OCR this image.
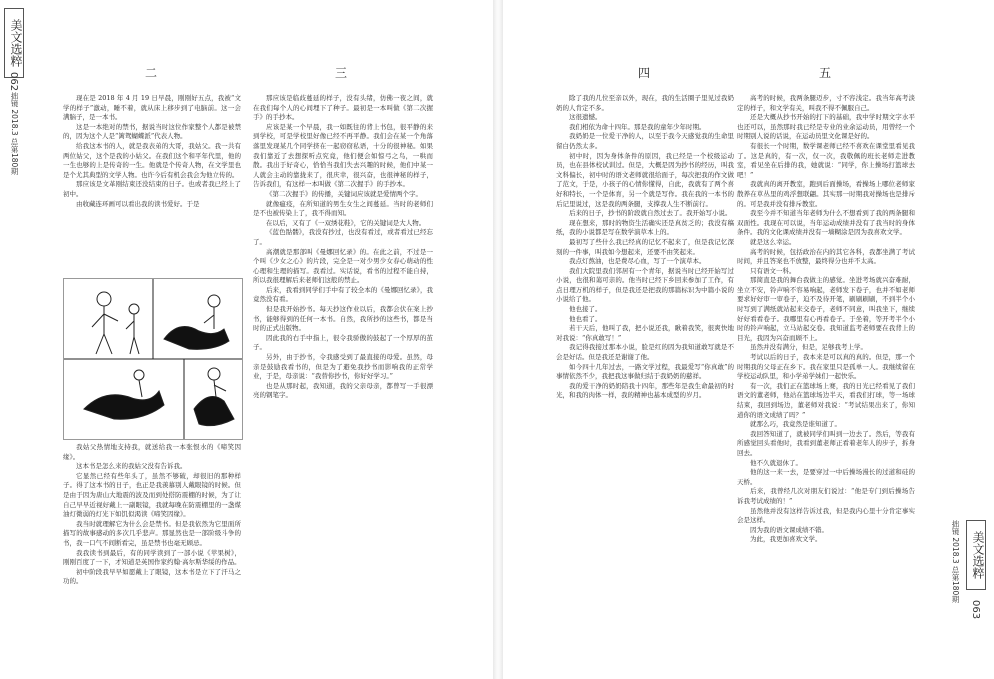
美文选粹
拙镜 2018.3 总第180期
062	二

现在是 2018 年 4 月 19 日早晨，刚刚好五点，我被“文学的样子”激动，睡不着，就从床上移步到了电脑前。这一会满脑子，是一本书。

这是一本绝对的禁书，据说当时这位作家整个人都是被禁的，因为这个人是“篱鸳蝴蝶派”代表人物。

给我这本书的人，就是我表弟的大哥，我姑父。我一共有两位姑父，这个是我的小姑父。在我们这个和平年代里，他的一生也够的上是传奇的一生。他就是个传奇人物，在文学里也是个尤其典型的文学人物。也许今后有机会我会为他立传的。

那应该是文革刚结束还没结束的日子。也或者我已经上了初中。

由收藏连环画可以看出我的读书爱好。于是

我姑父热情地支持我，就送给我一本张恨水的《啼笑因缘》。

这本书是怎么来的我姑父没有告诉我。

它显然已经有些年头了，虽然不够破，却很旧的那种样子。得了这本书的日子，也正是我羡慕别人戴眼镜的时候。但是由于因为唐山大地震的波及而到处搭防震棚的时候，为了让自己早早近视好戴上一副眼镜，我就每晚在防震棚里的一盏煤油灯微弱的灯光下如饥似渴读《啼笑因缘》。

我当时就理解它为什么会是禁书。但是我依然为它里面所描写的故事感动的多次几乎悲声。那显然也是一部阶级斗争的书，我一口气不间断看完，虽是禁书也毫无顾忌。

我我读书到最后，有的同学读到了一部小说《苹果树》，刚刚百度了一下，才知道是英国作家约翰·高尔斯华绥的作品。

初中阶段我早早如愿戴上了眼镜，这本书是立下了汗马之功的。

三

那应该是临歧蔓延的样子，没有头绪，仿佛一夜之间，就在我们每个人的心间埋下了种子。最初是一本叫做《第二次握手》的手抄本。

应该是某一个早晨，我一如既往的背上书包，很平静的来到学校，可是学校里好像已经不再平静。我们会在某一个角落落里发现某几个同学挤在一起窃窃私语，十分的很神秘。如果我们靠近了去想探听点究竟，他们便会如惊弓之鸟，一哄而散。我出于好奇心，恰恰当我们失去兴趣的时候，他们中某一人就会主动的靠拢来了，很庆幸，很兴奋，也很神秘的样子，告诉我们，有这样一本叫做《第二次握手》的手抄本。

《第二次握手》的传播，关键词应该就是爱情两个字。

就像瘟疫，在所知道的男生女生之间蔓延。当时的老师们是不也被传染上了，我不得而知。

在以后，又有了《一双绣花鞋》，它的关键词是大人物。

《蓝色骷髅》，我没有抄过，也没有看过，或者看过已经忘了。

高潮就是那部叫《曼娜回忆录》的。在此之前，不过是一个叫《少女之心》的片段，完全是一对少男少女春心萌动的性心理和生理的描写。我看过。实话说，看书的过程不能自持，所以我很理解后来老师们这般的禁止。

后来，我看到同学们手中有了较全本的《曼娜回忆录》，我竟然没有看。

但是我开始抄书。每天抄这作业以后，我都会伏在案上抄书，能够得到的任何一本书。自然，我所抄的这些书，都是当时的正式出版物。

因此我的右手中指上，很令我骄傲的鼓起了一个厚厚的茧子。

另外，由于抄书，令我感受到了最直接的母爱。虽然，母亲是鼓励我看书的，但是为了避免我抄书而影响我的正常学业，于是，母亲说：“我替你抄书，你好好学习。”

也是从那时起，我知道，我的父亲母亲，都曾写一手很漂亮的钢笔字。

四

除了我的几位至亲以外，现在，我的生活圈子里见过我奶奶的人肯定不多。

这很遗憾。

我们相依为命十四年。那是我的童年少年时期。

我奶奶是一位爱干净的人，以至于我今天感觉我的生命里留白仍然太多。

初中时，因为身体条件的原因，我已经是一个校级运动员，也在县体校试训过。但是，大概是因为抄书的经历，叫我文科偏长，初中时的语文老师就很给面子，每次把我的作文做了范文，于是，小孩子的心情你懂得，自此，我就有了两个喜好和特长，一个是体育，另一个就是写作。我在我的一本书的后记里说过，这是我的两条腿，支撑我人生不断前行。

后来的日子，抄书的阶段就自然过去了。我开始写小说。

现在想来，那时的物资生活确实还是真贫乏的；我没有稿纸，我的小说都是写在数学演草本上的。

最初写了些什么我已经真的记忆不起来了，但是我记忆深刻的一件事，叫我如今想起来，还要不由笑起来。

我点灯熬油，也是费尽心血，写了一个演草本。

我们大院里我们邻居有一个青年，据说当时已经开始写过小说，也很和蔼可亲的。他当时已经下乡回来参加了工作，有点日理万机的样子，但是我还是把我的那篇标识为中篇小说的小说给了他。

他也接了。

他也看了。

若干天后，他叫了我，把小说还我，瞅着我笑，很爽快地对我说：“你真敢写！”

我记得我接过那本小说，脸是红的因为我知道敢写就是不会是好话。但是我还是谢谢了他。

如今四十几年过去，一路文学过程，我最爱写“你真敢”的事情依然不少，我把我这事做归结于我奶奶的慈祥。

我的爱干净的奶奶陪我十四年，那些年是我生命最初的时光，和我的肉体一样，我的精神也基本成型的岁月。

五

高考的时候，我两条腿迈步，寸不容浅定。我当年高考淡定的样子，和文学有关，叫我不得不佩服自己。

还是大概从抄书开始的打下的基础，我中学时期文字水平也还可以，虽然那时我已经是专业的业余运动员，用曾经一个时期别人说的话说，在运动员里文化课是好的。

有很长一个时期，数学课老师已经不喜欢在课堂里看见我了。这是真的，有一次，仅一次，我敬佩的班长老师走进教室，看见坐在后排的我，她就说：“同学，你上操场打篮球去吧！”

我就真的离开教室，跑到后面操场，看操场上哪位老师家散养在草丛里的鸡浮想联翩。其实那一时期我对操场也是排斥的。可是我并没有排斥教室。

我至今并不知道当年老师为什么不想看到了我的两条腿和双面性。我现在可以说，当年运动成绩并没有了我当时的身体条件。我的文化课成绩并没有一墙糊涂是因为我喜欢文学。

就是这么幸运。

高考的时候，包括政治在内的其它各科，我都坐满了考试时间，并且答案也不放整，最终得分也并不太高。

只有语文一科。

那简直是我的舞台我做主的感觉。坐进考场就兴奋难耐，坐立不安，铃声响不容易响起，老师发下卷子，也并不如老师要求好好审一审卷子，迫不及待开笔，刷刷刷刷，不到半个小时写到了满纸就站起来交卷子，老师不同意，叫我坐下，继续好好看看卷子。我哪里有心再看卷子。于坐着，等开考半个小时的铃声响起，立马站起交卷。我知道监考老师要在我背上的目光，我因为兴奋而顾不上。

虽然并没有满分，但是，足够我考上学。

考试以后的日子，我本来是可以真的真的。但是，那一个时期我的父母正在乡下。我在家里只是孤单一人。我继续留在学校运动队里，和小学弟学妹们一起快乐。

有一次，我们正在篮球场上赛，我的日光已经看见了我们语文的董老师，他站在篮球场边半天，看我们打球，等一场球结束，我回到场边，董老师对我说：“考试结果出来了，你知道你的语文成绩了吗？”

就那么巧，我竟然是谁知道了。

我回答知道了，就被同学们叫到一边去了。然后，等我有所感觉回头看他时，我看到董老师正看着老年人的步子，拆身回去。

他不久就退休了。

他的这一来一去，是要穿过一中后操场漫长的过道和硅的天桥。

后来，我曾经几次对朋友们说过：“他是专门到后操场告诉我考试成绩的！”

虽然他并没有这样告诉过我，但是我内心里十分肯定事实会是这样。

因为我的语文课成绩不错。

为此，我更加喜欢文学。	拙镜 2018.3 总第180期 美文选粹
063
